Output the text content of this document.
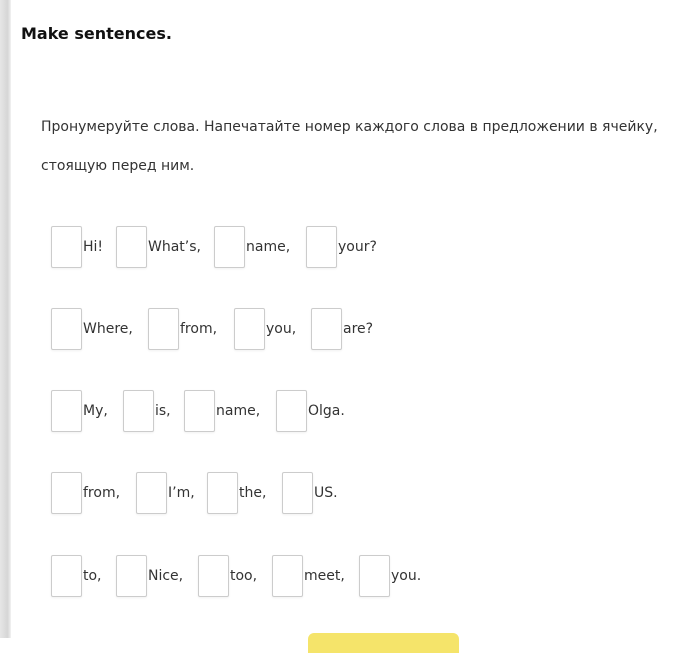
Make sentences.
Пронумеруйте слова. Напечатайте номер каждого слова в предложении в ячейку, стоящую перед ним.
Hi!	What’s,	name,	your?
Where,	from,	you,	are?
My,	is,	name,	Olga.
from,	I’m,	the,	US.
to,	Nice,	too,	meet,	you.
